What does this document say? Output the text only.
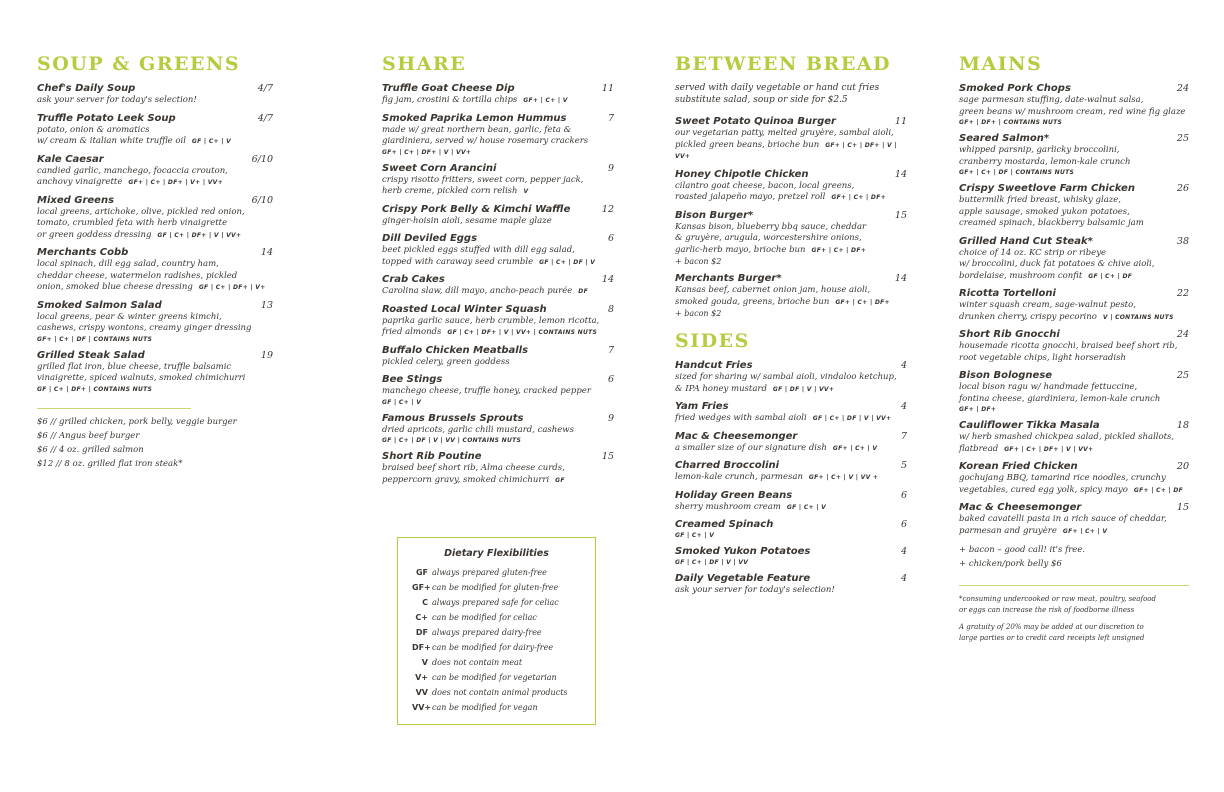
SOUP & GREENS
Chef's Daily Soup	4/7
ask your server for today's selection!
Truffle Potato Leek Soup	4/7
potato, onion & aromatics
w/ cream & italian white truffle oil GF | C+ | V
Kale Caesar	6/10
candied garlic, manchego, focaccia crouton,
anchovy vinaigrette GF+ | C+ | DF+ | V+ | VV+
Mixed Greens	6/10
local greens, artichoke, olive, pickled red onion,
tomato, crumbled feta with herb vinaigrette
or green goddess dressing GF | C+ | DF+ | V | VV+
Merchants Cobb	14
local spinach, dill egg salad, country ham,
cheddar cheese, watermelon radishes, pickled
onion, smoked blue cheese dressing GF | C+ | DF+ | V+
Smoked Salmon Salad	13
local greens, pear & winter greens kimchi,
cashews, crispy wontons, creamy ginger dressing
GF+ | C+ | DF | CONTAINS NUTS
Grilled Steak Salad	19
grilled flat iron, blue cheese, truffle balsamic
vinaigrette, spiced walnuts, smoked chimichurri
GF | C+ | DF+ | CONTAINS NUTS
$6 // grilled chicken, pork belly, veggie burger
$6 // Angus beef burger
$6 // 4 oz. grilled salmon
$12 // 8 oz. grilled flat iron steak*
SHARE
Truffle Goat Cheese Dip	11
fig jam, crostini & tortilla chips GF+ | C+ | V
Smoked Paprika Lemon Hummus	7
made w/ great northern bean, garlic, feta &
giardiniera, served w/ house rosemary crackers
GF+ | C+ | DF+ | V | VV+
Sweet Corn Arancini	9
crispy risotto fritters, sweet corn, pepper jack,
herb creme, pickled corn relish V
Crispy Pork Belly & Kimchi Waffle	12
ginger-hoisin aioli, sesame maple glaze
Dill Deviled Eggs	6
beet pickled eggs stuffed with dill egg salad,
topped with caraway seed crumble GF | C+ | DF | V
Crab Cakes	14
Carolina slaw, dill mayo, ancho-peach purée DF
Roasted Local Winter Squash	8
paprika garlic sauce, herb crumble, lemon ricotta,
fried almonds GF | C+ | DF+ | V | VV+ | CONTAINS NUTS
Buffalo Chicken Meatballs	7
pickled celery, green goddess
Bee Stings	6
manchego cheese, truffle honey, cracked pepper
GF | C+ | V
Famous Brussels Sprouts	9
dried apricots, garlic chili mustard, cashews
GF | C+ | DF | V | VV | CONTAINS NUTS
Short Rib Poutine	15
braised beef short rib, Alma cheese curds,
peppercorn gravy, smoked chimichurri GF
Dietary Flexibilities
GF always prepared gluten-free
GF+ can be modified for gluten-free
C always prepared safe for celiac
C+ can be modified for celiac
DF always prepared dairy-free
DF+ can be modified for dairy-free
V does not contain meat
V+ can be modified for vegetarian
VV does not contain animal products
VV+ can be modified for vegan
BETWEEN BREAD
served with daily vegetable or hand cut fries
substitute salad, soup or side for $2.5
Sweet Potato Quinoa Burger	11
our vegetarian patty, melted gruyère, sambal aioli,
pickled green beans, brioche bun GF+ | C+ | DF+ | V | VV+
Honey Chipotle Chicken	14
cilantro goat cheese, bacon, local greens,
roasted jalapeño mayo, pretzel roll GF+ | C+ | DF+
Bison Burger*	15
Kansas bison, blueberry bbq sauce, cheddar
& gruyère, arugula, worcestershire onions,
garlic-herb mayo, brioche bun GF+ | C+ | DF+
+ bacon $2
Merchants Burger*	14
Kansas beef, cabernet onion jam, house aioli,
smoked gouda, greens, brioche bun GF+ | C+ | DF+
+ bacon $2
SIDES
Handcut Fries	4
sized for sharing w/ sambal aioli, vindaloo ketchup,
& IPA honey mustard GF | DF | V | VV+
Yam Fries	4
fried wedges with sambal aioli GF | C+ | DF | V | VV+
Mac & Cheesemonger	7
a smaller size of our signature dish GF+ | C+ | V
Charred Broccolini	5
lemon-kale crunch, parmesan GF+ | C+ | V | VV +
Holiday Green Beans	6
sherry mushroom cream GF | C+ | V
Creamed Spinach	6
GF | C+ | V
Smoked Yukon Potatoes	4
GF | C+ | DF | V | VV
Daily Vegetable Feature	4
ask your server for today's selection!
MAINS
Smoked Pork Chops	24
sage parmesan stuffing, date-walnut salsa,
green beans w/ mushroom cream, red wine fig glaze
GF+ | DF+ | CONTAINS NUTS
Seared Salmon*	25
whipped parsnip, garlicky broccolini,
cranberry mostarda, lemon-kale crunch
GF+ | C+ | DF | CONTAINS NUTS
Crispy Sweetlove Farm Chicken	26
buttermilk fried breast, whisky glaze,
apple sausage, smoked yukon potatoes,
creamed spinach, blackberry balsamic jam
Grilled Hand Cut Steak*	38
choice of 14 oz. KC strip or ribeye
w/ broccolini, duck fat potatoes & chive aioli,
bordelaise, mushroom confit GF | C+ | DF
Ricotta Tortelloni	22
winter squash cream, sage-walnut pesto,
drunken cherry, crispy pecorino V | CONTAINS NUTS
Short Rib Gnocchi	24
housemade ricotta gnocchi, braised beef short rib,
root vegetable chips, light horseradish
Bison Bolognese	25
local bison ragu w/ handmade fettuccine,
fontina cheese, giardiniera, lemon-kale crunch
GF+ | DF+
Cauliflower Tikka Masala	18
w/ herb smashed chickpea salad, pickled shallots,
flatbread GF+ | C+ | DF+ | V | VV+
Korean Fried Chicken	20
gochujang BBQ, tamarind rice noodles, crunchy
vegetables, cured egg yolk, spicy mayo GF+ | C+ | DF
Mac & Cheesemonger	15
baked cavatelli pasta in a rich sauce of cheddar,
parmesan and gruyère GF+ | C+ | V
+ bacon – good call! it's free.
+ chicken/pork belly $6
*consuming undercooked or raw meat, poultry, seafood
or eggs can increase the risk of foodborne illness
A gratuity of 20% may be added at our discretion to
large parties or to credit card receipts left unsigned
